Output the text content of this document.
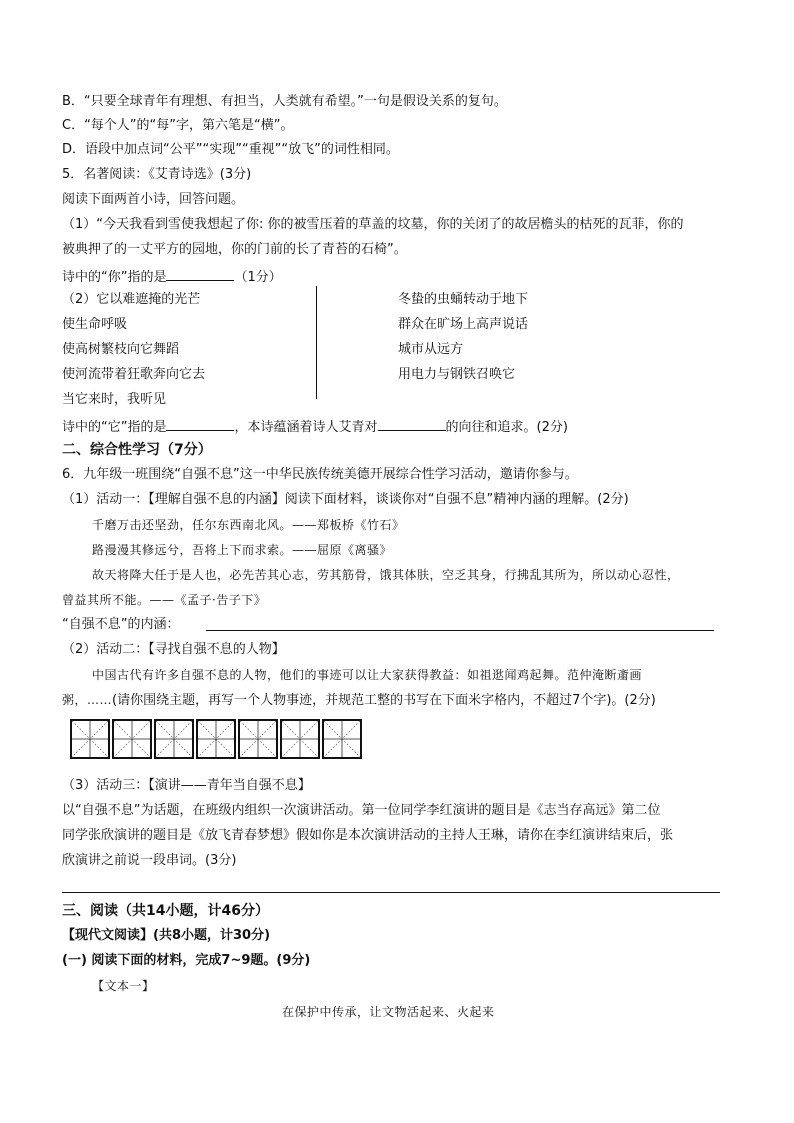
B．“只要全球青年有理想、有担当，人类就有希望。”一句是假设关系的复句。
C．“每个人”的“每”字，第六笔是“横”。
D．语段中加点词“公平”“实现”“重视”“放飞”的词性相同。
5．名著阅读：《艾青诗选》(3分)
阅读下面两首小诗，回答问题。
（1）“今天我看到雪使我想起了你: 你的被雪压着的草盖的坟墓，你的关闭了的故居檐头的枯死的瓦菲，你的
被典押了的一丈平方的园地，你的门前的长了青苔的石椅”。
诗中的“你”指的是	（1分）
（2）它以难遮掩的光芒
使生命呼吸
使高树繁枝向它舞蹈
使河流带着狂歌奔向它去
当它来时，我听见
冬蛰的虫蛹转动于地下
群众在旷场上高声说话
城市从远方
用电力与钢铁召唤它
诗中的“它”指的是	，本诗蕴涵着诗人艾青对	的向往和追求。(2分)
二、综合性学习（7分）
6．九年级一班围绕“自强不息”这一中华民族传统美德开展综合性学习活动，邀请你参与。
（1）活动一：【理解自强不息的内涵】阅读下面材料，谈谈你对“自强不息”精神内涵的理解。(2分)
千磨万击还坚劲，任尔东西南北风。——郑板桥《竹石》
路漫漫其修远兮，吾将上下而求索。——屈原《离骚》
故天将降大任于是人也，必先苦其心志，劳其筋骨，饿其体肤，空乏其身，行拂乱其所为，所以动心忍性，
曾益其所不能。——《孟子·告子下》
“自强不息”的内涵：
（2）活动二：【寻找自强不息的人物】
中国古代有许多自强不息的人物，他们的事迹可以让大家获得教益：如祖逖闻鸡起舞。范仲淹断齑画
粥，……(请你围绕主题，再写一个人物事迹，并规范工整的书写在下面米字格内，不超过7个字)。(2分)
（3）活动三：【演讲——青年当自强不息】
以“自强不息”为话题，在班级内组织一次演讲活动。第一位同学李红演讲的题目是《志当存高远》第二位
同学张欣演讲的题目是《放飞青春梦想》假如你是本次演讲活动的主持人王琳，请你在李红演讲结束后，张
欣演讲之前说一段串词。(3分)
三、阅读（共14小题，计46分）
【现代文阅读】(共8小题，计30分)
(一) 阅读下面的材料，完成7~9题。(9分)
【文本一】
在保护中传承，让文物活起来、火起来
